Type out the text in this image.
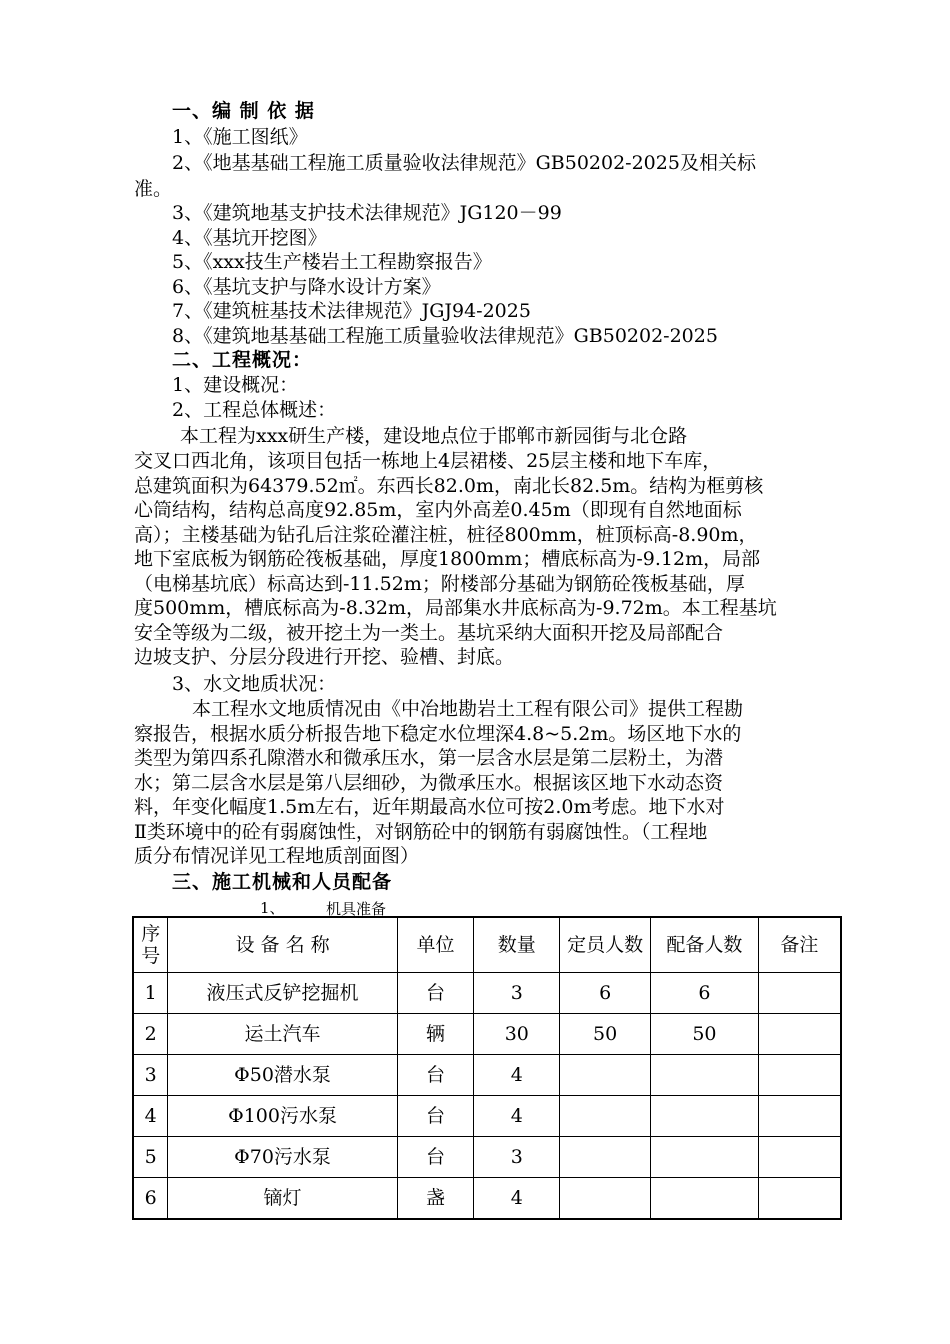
一、编 制 依 据
1、《施工图纸》
2、《地基基础工程施工质量验收法律规范》GB50202-2025及相关标
准。
3、《建筑地基支护技术法律规范》JG120－99
4、《基坑开挖图》
5、《xxx技生产楼岩土工程勘察报告》
6、《基坑支护与降水设计方案》
7、《建筑桩基技术法律规范》JGJ94-2025
8、《建筑地基基础工程施工质量验收法律规范》GB50202-2025
二、工程概况：
1、建设概况：
2、工程总体概述：
本工程为xxx研生产楼，建设地点位于邯郸市新园街与北仓路
交叉口西北角，该项目包括一栋地上4层裙楼、25层主楼和地下车库，
总建筑面积为64379.52㎡。东西长82.0m，南北长82.5m。结构为框剪核
心筒结构，结构总高度92.85m，室内外高差0.45m（即现有自然地面标
高）；主楼基础为钻孔后注浆砼灌注桩，桩径800mm，桩顶标高-8.90m，
地下室底板为钢筋砼筏板基础，厚度1800mm；槽底标高为-9.12m，局部
（电梯基坑底）标高达到-11.52m；附楼部分基础为钢筋砼筏板基础，厚
度500mm，槽底标高为-8.32m，局部集水井底标高为-9.72m。本工程基坑
安全等级为二级，被开挖土为一类土。基坑采纳大面积开挖及局部配合
边坡支护、分层分段进行开挖、验槽、封底。
3、水文地质状况：
本工程水文地质情况由《中冶地勘岩土工程有限公司》提供工程勘
察报告，根据水质分析报告地下稳定水位埋深4.8~5.2m。场区地下水的
类型为第四系孔隙潜水和微承压水，第一层含水层是第二层粉土，为潜
水；第二层含水层是第八层细砂，为微承压水。根据该区地下水动态资
料，年变化幅度1.5m左右，近年期最高水位可按2.0m考虑。地下水对
Ⅱ类环境中的砼有弱腐蚀性，对钢筋砼中的钢筋有弱腐蚀性。（工程地
质分布情况详见工程地质剖面图）
三、施工机械和人员配备
1、	机具准备
序号	设 备 名 称	单位	数量	定员人数	配备人数	备注
1	液压式反铲挖掘机	台	3	6	6	
2	运土汽车	辆	30	50	50	
3	Φ50潜水泵	台	4			
4	Φ100污水泵	台	4			
5	Φ70污水泵	台	3			
6	镝灯	盏	4			
